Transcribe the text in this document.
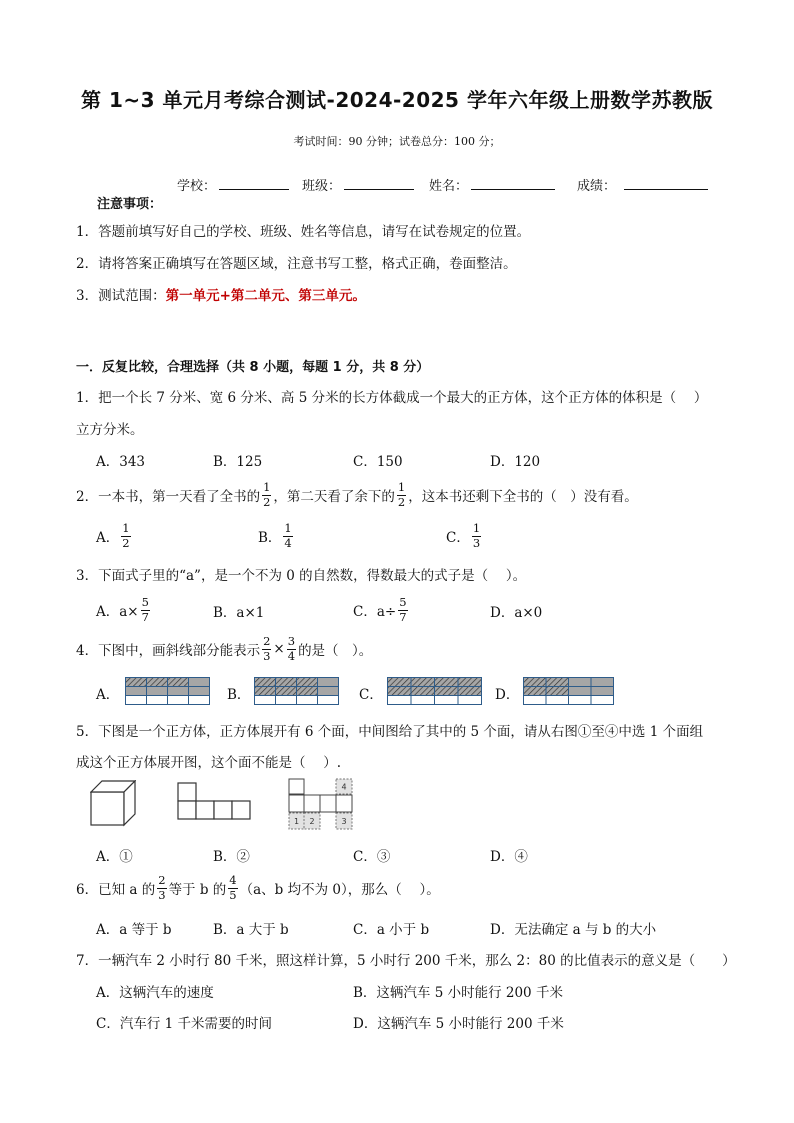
第 1~3 单元月考综合测试-2024-2025 学年六年级上册数学苏教版
考试时间：90 分钟；试卷总分：100 分；
学校：	班级：	姓名：	成绩：
注意事项：
1．答题前填写好自己的学校、班级、姓名等信息，请写在试卷规定的位置。
2．请将答案正确填写在答题区域，注意书写工整，格式正确，卷面整洁。
3．测试范围：第一单元+第二单元、第三单元。
一．反复比较，合理选择（共 8 小题，每题 1 分，共 8 分）
1．把一个长 7 分米、宽 6 分米、高 5 分米的长方体截成一个最大的正方体，这个正方体的体积是（　 ）
立方分米。
A．343	B．125	C．150	D．120
2．一本书，第一天看了全书的 $\frac{1}{2}$ ，第二天看了余下的 $\frac{1}{2}$ ，这本书还剩下全书的（　）没有看。
A． $\frac{1}{2}$	B． $\frac{1}{4}$	C． $\frac{1}{3}$
3．下面式子里的“a”，是一个不为 0 的自然数，得数最大的式子是（　 ）。
A．$a\times \frac{5}{7}$	B．a×1	C．$a\div \frac{5}{7}$	D．a×0
4．下图中，画斜线部分能表示 $\frac{2}{3} \times \frac{3}{4}$ 的是（　）。
A．	B．	C．	D．
5．下图是一个正方体，正方体展开有 6 个面，中间图给了其中的 5 个面，请从右图①至④中选 1 个面组
成这个正方体展开图，这个面不能是（　 ）.
1 2	3
4
A．①	B．②	C．③	D．④
6．已知 a 的 $\frac{2}{3}$ 等于 b 的 $\frac{4}{5} (a$、b 均不为 0），那么（　 ）。
A．a 等于 b	B．a 大于 b	C．a 小于 b	D．无法确定 a 与 b 的大小
7．一辆汽车 2 小时行 80 千米，照这样计算，5 小时行 200 千米，那么 2：80 的比值表示的意义是（　　）
A．这辆汽车的速度	B．这辆汽车 5 小时能行 200 千米
C．汽车行 1 千米需要的时间	D．这辆汽车 5 小时能行 200 千米
